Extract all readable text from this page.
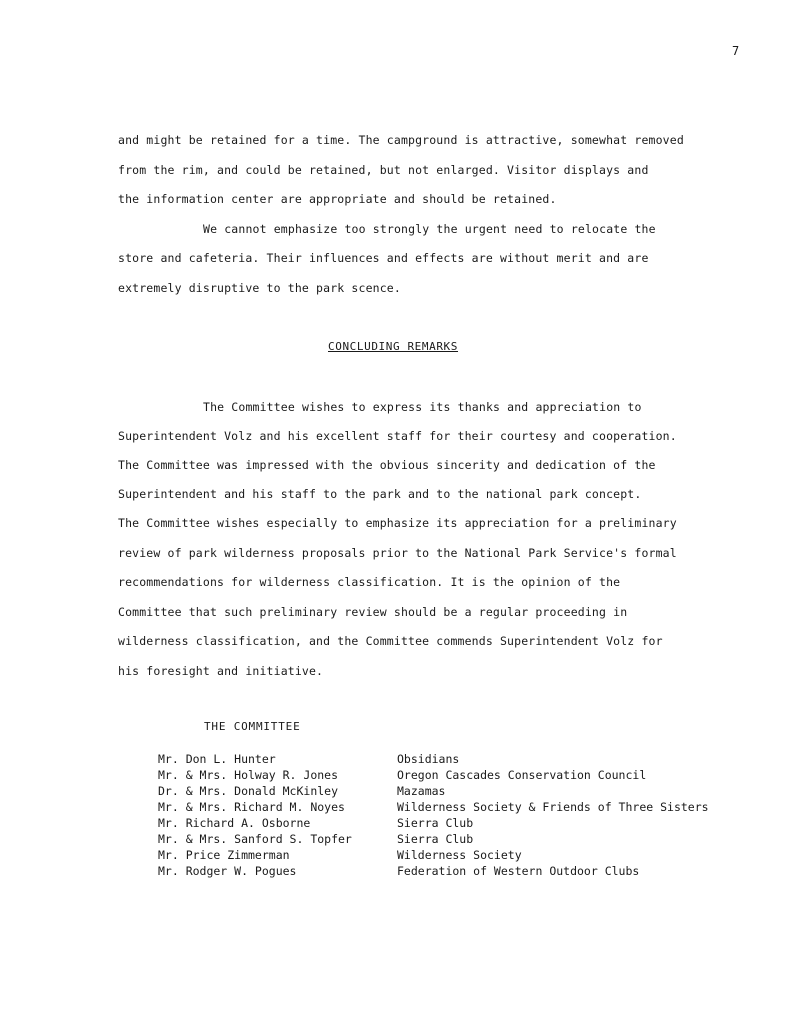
7
and might be retained for a time. The campground is attractive, somewhat removed
from the rim, and could be retained, but not enlarged. Visitor displays and
the information center are appropriate and should be retained.
We cannot emphasize too strongly the urgent need to relocate the
store and cafeteria. Their influences and effects are without merit and are
extremely disruptive to the park scence.
CONCLUDING REMARKS
The Committee wishes to express its thanks and appreciation to
Superintendent Volz and his excellent staff for their courtesy and cooperation.
The Committee was impressed with the obvious sincerity and dedication of the
Superintendent and his staff to the park and to the national park concept.
The Committee wishes especially to emphasize its appreciation for a preliminary
review of park wilderness proposals prior to the National Park Service's formal
recommendations for wilderness classification. It is the opinion of the
Committee that such preliminary review should be a regular proceeding in
wilderness classification, and the Committee commends Superintendent Volz for
his foresight and initiative.
THE COMMITTEE
Mr. Don L. Hunter	Obsidians
Mr. & Mrs. Holway R. Jones	Oregon Cascades Conservation Council
Dr. & Mrs. Donald McKinley	Mazamas
Mr. & Mrs. Richard M. Noyes	Wilderness Society & Friends of Three Sisters
Mr. Richard A. Osborne	Sierra Club
Mr. & Mrs. Sanford S. Topfer	Sierra Club
Mr. Price Zimmerman	Wilderness Society
Mr. Rodger W. Pogues	Federation of Western Outdoor Clubs
